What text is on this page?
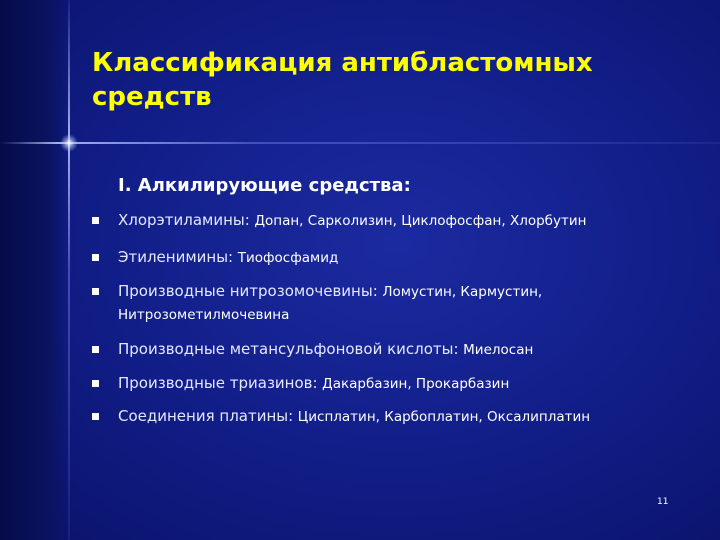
Классификация антибластомных средств

I. Алкилирующие средства:

Хлорэтиламины: Допан, Сарколизин, Циклофосфан, Хлорбутин
Этиленимины: Тиофосфамид
Производные нитрозомочевины: Ломустин, Кармустин,
Нитрозометилмочевина
Производные метансульфоновой кислоты: Миелосан
Производные триазинов: Дакарбазин, Прокарбазин
Соединения платины: Цисплатин, Карбоплатин, Оксалиплатин
11
